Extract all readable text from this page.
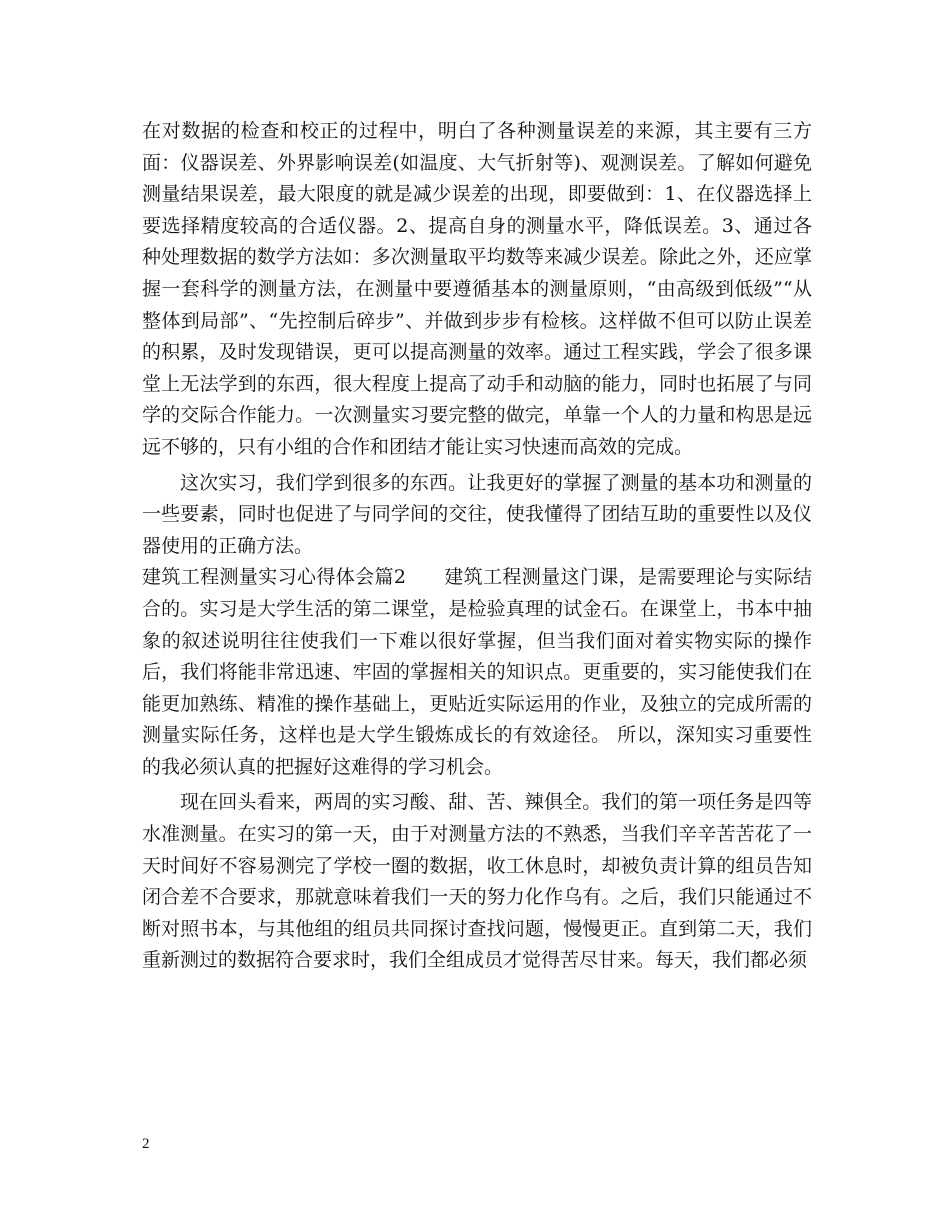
在对数据的检查和校正的过程中，明白了各种测量误差的来源，其主要有三方面：仪器误差、外界影响误差(如温度、大气折射等)、观测误差。了解如何避免测量结果误差，最大限度的就是减少误差的出现，即要做到：1、在仪器选择上要选择精度较高的合适仪器。2、提高自身的测量水平，降低误差。3、通过各种处理数据的数学方法如：多次测量取平均数等来减少误差。除此之外，还应掌握一套科学的测量方法，在测量中要遵循基本的测量原则，“由高级到低级”“从整体到局部”、“先控制后碎步”、并做到步步有检核。这样做不但可以防止误差的积累，及时发现错误，更可以提高测量的效率。通过工程实践，学会了很多课堂上无法学到的东西，很大程度上提高了动手和动脑的能力，同时也拓展了与同学的交际合作能力。一次测量实习要完整的做完，单靠一个人的力量和构思是远远不够的，只有小组的合作和团结才能让实习快速而高效的完成。

这次实习，我们学到很多的东西。让我更好的掌握了测量的基本功和测量的一些要素，同时也促进了与同学间的交往，使我懂得了团结互助的重要性以及仪器使用的正确方法。

建筑工程测量实习心得体会篇2 建筑工程测量这门课，是需要理论与实际结合的。实习是大学生活的第二课堂，是检验真理的试金石。在课堂上，书本中抽象的叙述说明往往使我们一下难以很好掌握，但当我们面对着实物实际的操作后，我们将能非常迅速、牢固的掌握相关的知识点。更重要的，实习能使我们在能更加熟练、精准的操作基础上，更贴近实际运用的作业，及独立的完成所需的测量实际任务，这样也是大学生锻炼成长的有效途径。 所以，深知实习重要性的我必须认真的把握好这难得的学习机会。

现在回头看来，两周的实习酸、甜、苦、辣俱全。我们的第一项任务是四等水准测量。在实习的第一天，由于对测量方法的不熟悉，当我们辛辛苦苦花了一天时间好不容易测完了学校一圈的数据，收工休息时，却被负责计算的组员告知闭合差不合要求，那就意味着我们一天的努力化作乌有。之后，我们只能通过不断对照书本，与其他组的组员共同探讨查找问题，慢慢更正。直到第二天，我们重新测过的数据符合要求时，我们全组成员才觉得苦尽甘来。每天，我们都必须

2
